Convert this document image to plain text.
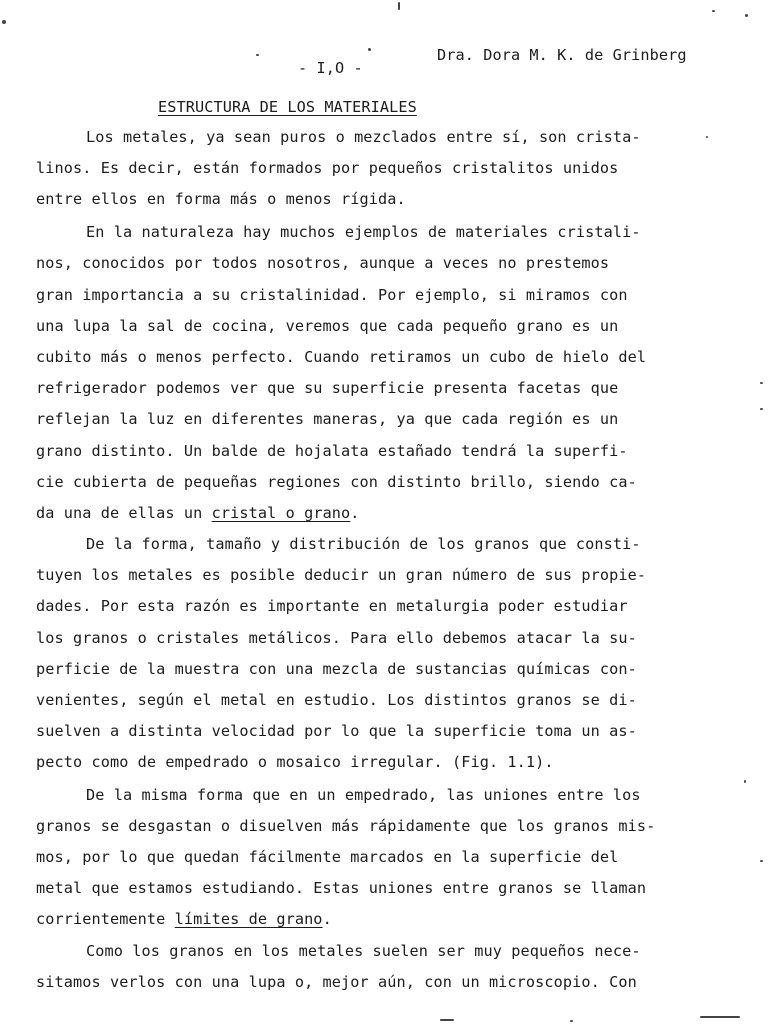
- I,O -
Dra. Dora M. K. de Grinberg
ESTRUCTURA DE LOS MATERIALES
Los metales, ya sean puros o mezclados entre sí, son crista-
linos. Es decir, están formados por pequeños cristalitos unidos
entre ellos en forma más o menos rígida.
En la naturaleza hay muchos ejemplos de materiales cristali-
nos, conocidos por todos nosotros, aunque a veces no prestemos
gran importancia a su cristalinidad. Por ejemplo, si miramos con
una lupa la sal de cocina, veremos que cada pequeño grano es un
cubito más o menos perfecto. Cuando retiramos un cubo de hielo del
refrigerador podemos ver que su superficie presenta facetas que
reflejan la luz en diferentes maneras, ya que cada región es un
grano distinto. Un balde de hojalata estañado tendrá la superfi-
cie cubierta de pequeñas regiones con distinto brillo, siendo ca-
da una de ellas un cristal o grano.
De la forma, tamaño y distribución de los granos que consti-
tuyen los metales es posible deducir un gran número de sus propie-
dades. Por esta razón es importante en metalurgia poder estudiar
los granos o cristales metálicos. Para ello debemos atacar la su-
perficie de la muestra con una mezcla de sustancias químicas con-
venientes, según el metal en estudio. Los distintos granos se di-
suelven a distinta velocidad por lo que la superficie toma un as-
pecto como de empedrado o mosaico irregular. (Fig. 1.1).
De la misma forma que en un empedrado, las uniones entre los
granos se desgastan o disuelven más rápidamente que los granos mis-
mos, por lo que quedan fácilmente marcados en la superficie del
metal que estamos estudiando. Estas uniones entre granos se llaman
corrientemente límites de grano.
Como los granos en los metales suelen ser muy pequeños nece-
sitamos verlos con una lupa o, mejor aún, con un microscopio. Con
